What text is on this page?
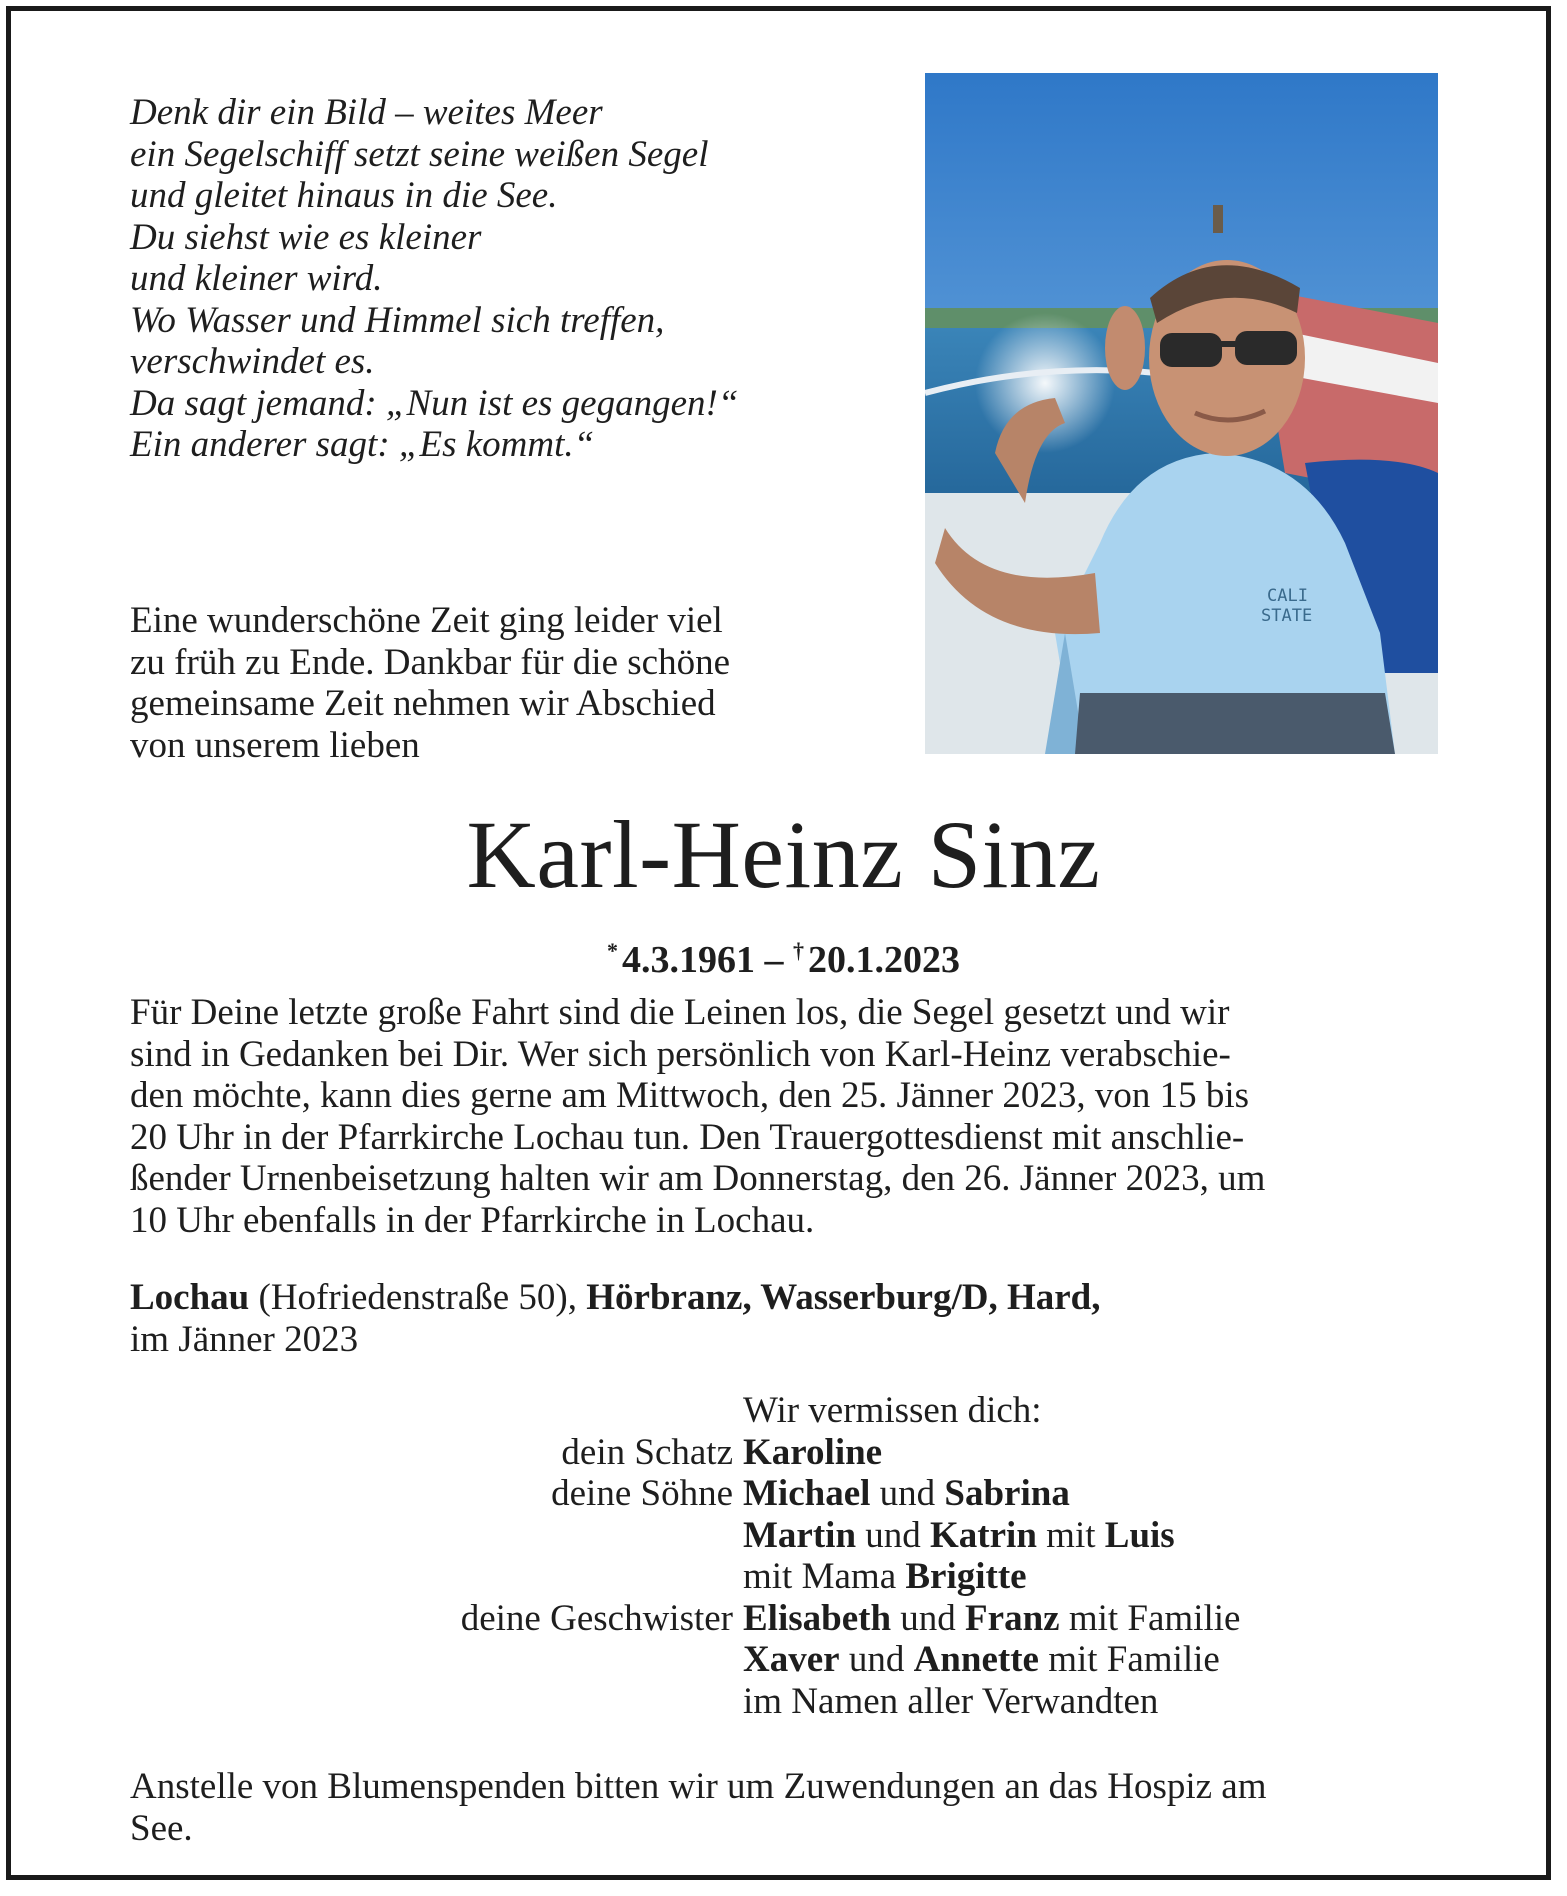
Denk dir ein Bild – weites Meer
ein Segelschiff setzt seine weißen Segel
und gleitet hinaus in die See.
Du siehst wie es kleiner
und kleiner wird.
Wo Wasser und Himmel sich treffen,
verschwindet es.
Da sagt jemand: „Nun ist es gegangen!“
Ein anderer sagt: „Es kommt.“
CALI
STATE
Eine wunderschöne Zeit ging leider viel
zu früh zu Ende. Dankbar für die schöne
gemeinsame Zeit nehmen wir Abschied
von unserem lieben
Karl-Heinz Sinz
* 4.3.1961 – † 20.1.2023
Für Deine letzte große Fahrt sind die Leinen los, die Segel gesetzt und wir
sind in Gedanken bei Dir. Wer sich persönlich von Karl-Heinz verabschie-
den möchte, kann dies gerne am Mittwoch, den 25. Jänner 2023, von 15 bis
20 Uhr in der Pfarrkirche Lochau tun. Den Trauergottesdienst mit anschlie-
ßender Urnenbeisetzung halten wir am Donnerstag, den 26. Jänner 2023, um
10 Uhr ebenfalls in der Pfarrkirche in Lochau.
Lochau (Hofriedenstraße 50), Hörbranz, Wasserburg/D, Hard,
im Jänner 2023
Wir vermissen dich:
dein Schatz Karoline
deine Söhne Michael und Sabrina
Martin und Katrin mit Luis
mit Mama Brigitte
deine Geschwister Elisabeth und Franz mit Familie
Xaver und Annette mit Familie
im Namen aller Verwandten
Anstelle von Blumenspenden bitten wir um Zuwendungen an das Hospiz am
See.
